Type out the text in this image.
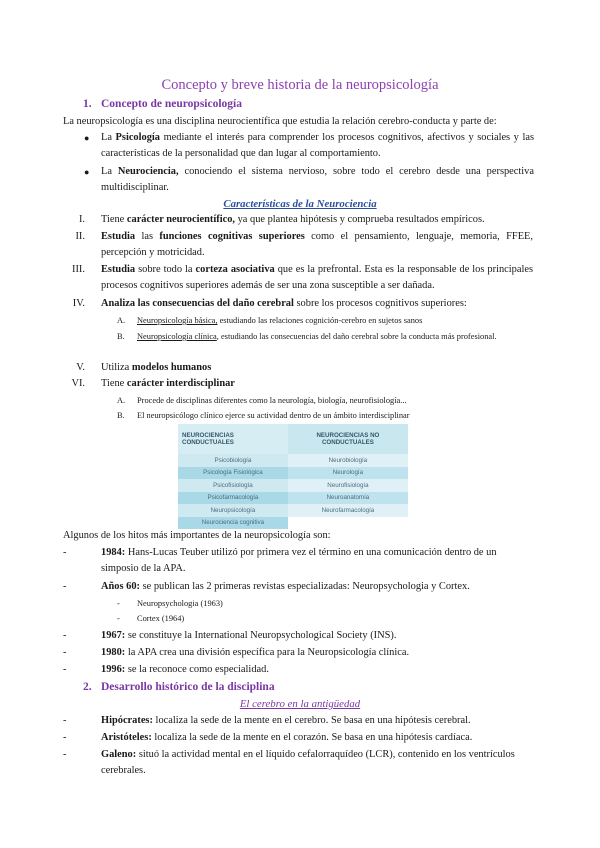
Concepto y breve historia de la neuropsicología
1. Concepto de neuropsicología
La neuropsicología es una disciplina neurocientífica que estudia la relación cerebro-conducta y parte de:
● La Psicología mediante el interés para comprender los procesos cognitivos, afectivos y sociales y las características de la personalidad que dan lugar al comportamiento.
● La Neurociencia, conociendo el sistema nervioso, sobre todo el cerebro desde una perspectiva multidisciplinar.
Características de la Neurociencia
I. Tiene carácter neurocientífico, ya que plantea hipótesis y comprueba resultados empíricos.
II. Estudia las funciones cognitivas superiores como el pensamiento, lenguaje, memoria, FFEE, percepción y motricidad.
III. Estudia sobre todo la corteza asociativa que es la prefrontal. Esta es la responsable de los principales procesos cognitivos superiores además de ser una zona susceptible a ser dañada.
IV. Analiza las consecuencias del daño cerebral sobre los procesos cognitivos superiores:
A. Neuropsicología básica, estudiando las relaciones cognición-cerebro en sujetos sanos
B. Neuropsicología clínica, estudiando las consecuencias del daño cerebral sobre la conducta más profesional.
V. Utiliza modelos humanos
VI. Tiene carácter interdisciplinar
A. Procede de disciplinas diferentes como la neurología, biología, neurofisiología...
B. El neuropsicólogo clínico ejerce su actividad dentro de un ámbito interdisciplinar
NEUROCIENCIAS CONDUCTUALES	NEUROCIENCIAS NO CONDUCTUALES
Psicobiología	Neurobiología
Psicología Fisiológica	Neurología
Psicofisiología	Neurofisiología
Psicofarmacología	Neuroanatomía
Neuropsicología	Neurofarmacología
Neurociencia cognitiva	
Algunos de los hitos más importantes de la neuropsicología son:
-	1984: Hans-Lucas Teuber utilizó por primera vez el término en una comunicación dentro de un simposio de la APA.
-	Años 60: se publican las 2 primeras revistas especializadas: Neuropsychologia y Cortex.
- Neuropsychologia (1963)
- Cortex (1964)
-	1967: se constituye la International Neuropsychological Society (INS).
-	1980: la APA crea una división específica para la Neuropsicología clínica.
-	1996: se la reconoce como especialidad.
2. Desarrollo histórico de la disciplina
El cerebro en la antigüedad
-	Hipócrates: localiza la sede de la mente en el cerebro. Se basa en una hipótesis cerebral.
-	Aristóteles: localiza la sede de la mente en el corazón. Se basa en una hipótesis cardíaca.
-	Galeno: situó la actividad mental en el líquido cefalorraquídeo (LCR), contenido en los ventrículos cerebrales.
